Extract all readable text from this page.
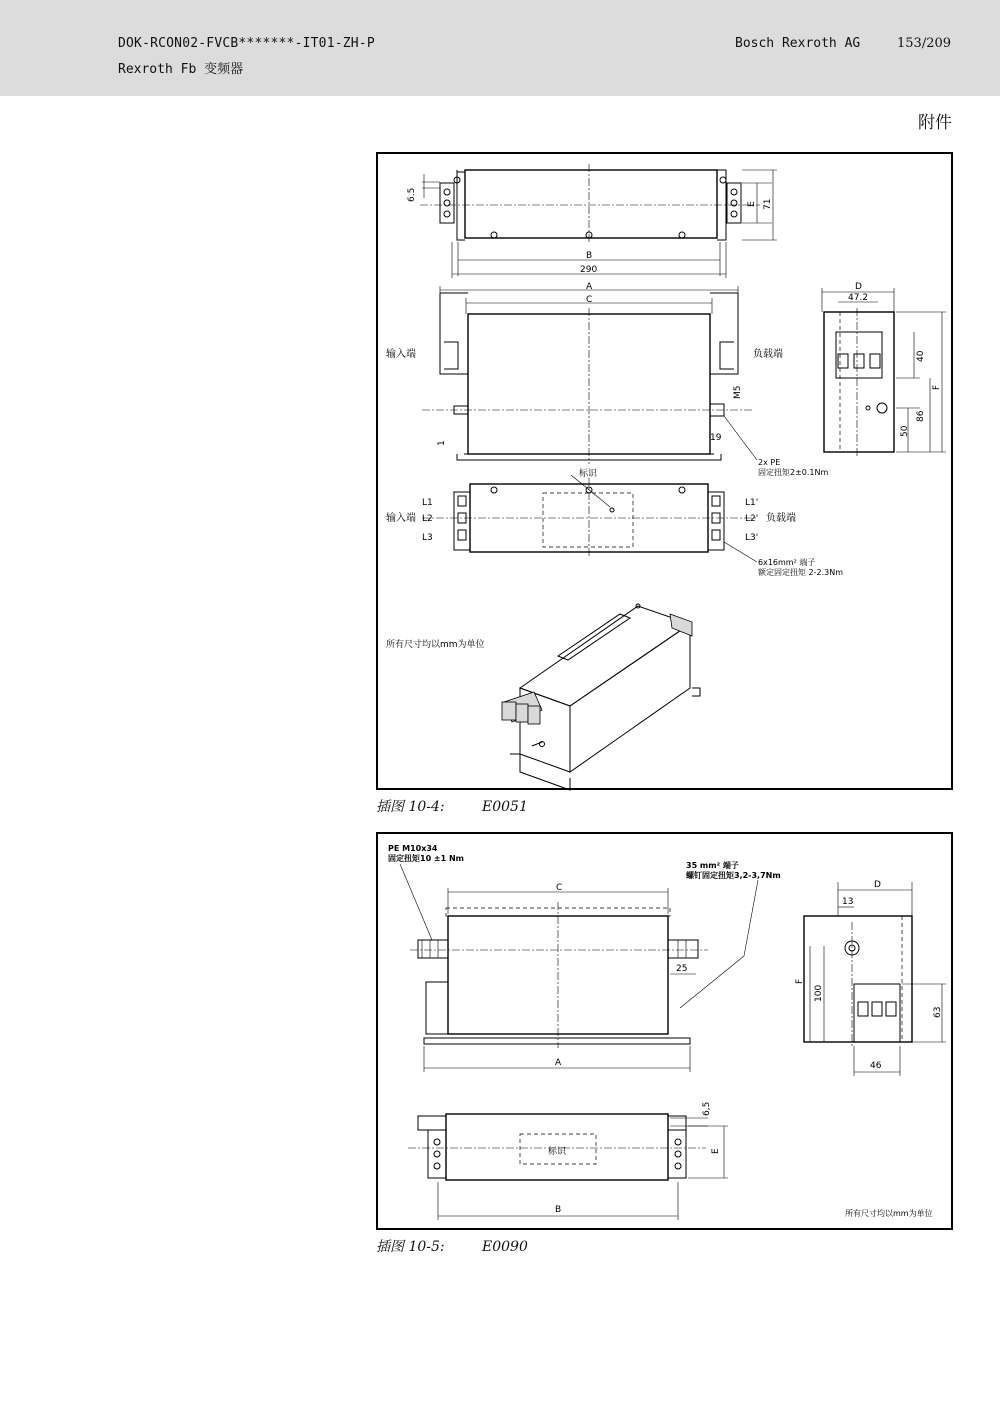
DOK-RCON02-FVCB*******-IT01-ZH-P
Rexroth Fb 变频器
Bosch Rexroth AG	153/209
附件
6.5
E 71
B
290
A
C
输入端	负载端
M5
1
19
2x PE
固定扭矩2±0.1Nm
D
47.2
40
F
86
50
标识
L1
L2
L3
输入端
L1'
L2'
L3'
负载端
6x16mm² 端子
额定固定扭矩 2-2.3Nm
所有尺寸均以mm为单位
插图 10-4:	E0051
PE M10x34
固定扭矩10 ±1 Nm
35 mm² 端子
螺钉固定扭矩3,2-3,7Nm
C
A
25
D
13
F
100
63
46
标识
6,5
E
B	所有尺寸均以mm为单位
插图 10-5:	E0090
